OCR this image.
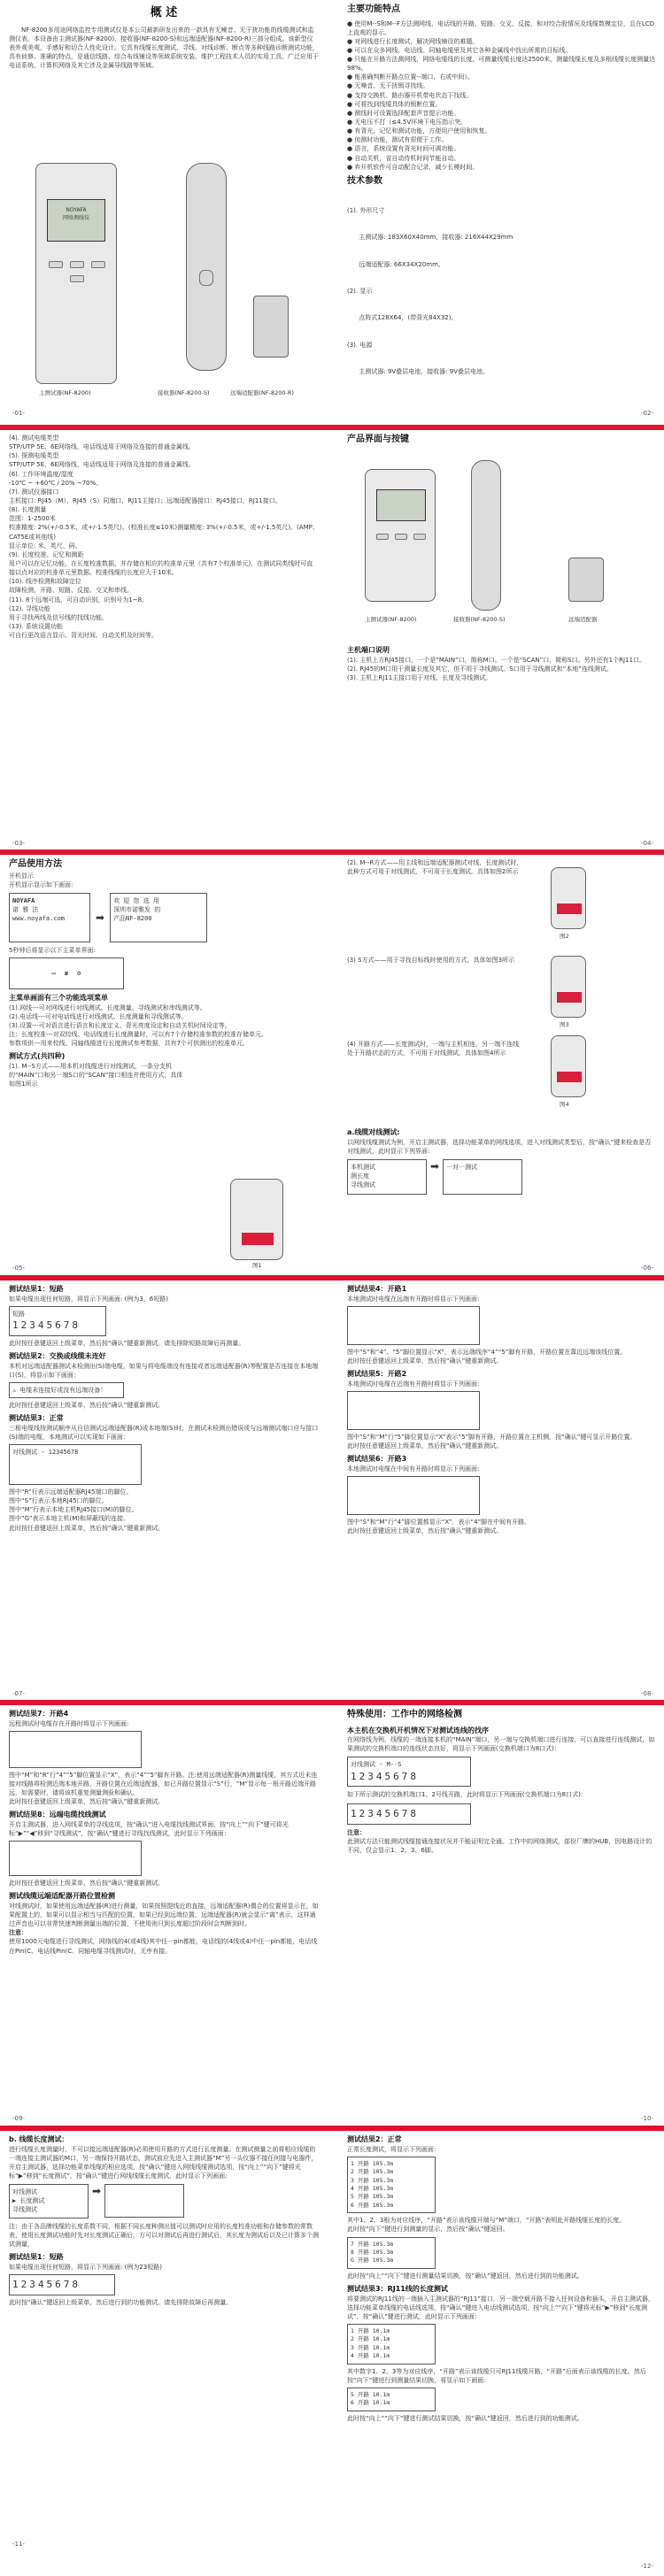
概 述
NF-8200多用途网络监控专用测试仪是本公司最新研发出来的一款具有无噪音、无干扰功能的线缆测试和监测仪表。本设备由主测试器(NF-8200)、接收器(NF-8200-S)和远端适配器(NF-8200-R)三部分组成。该新型仪表外观美观，手感好和切合人性化设计。它具有线缆长度测试、寻线、对线诊断、断点等多种线路诊断测试功能，具有侦修、准确的特点，是通信线路、综合布线铺设等领域系统安装、维护工程技术人员的实用工具。广泛应用于电话系统、计算机网络及其它涉及金属导线路等领域。
NOYAFA
网络测线仪
主测试器(NF-8200)	接收器(NF-8200-S)	远端适配器(NF-8200-R)
-01-
主要功能特点
● 使用M--S和M--F方法测网线、电话线的开路、短路、交叉、反接、和对绞合股情况及线缆数模定位，且在LCD上直观的显示。
● 对网线进行长度测试，解决网线铺设的难题。
● 可以在众多网线、电话线、同轴电缆里及其它各种金属线中找出所需的目标线。
● 只能在开路方法测网线，网络电缆线的长度，可测量线缆长度达2500米，测量线缆长度及多根线缆长度测量达98%。
● 能准确判断开路点位置--端口，右或中间）。
● 无噪音、无干扰锁寻找线。
● 支持交换机、路由器开机带电状态下找线。
● 可将找到线缆具体的锁断位置。
● 测线时可设置选择配套声音提示功能。
● 无电压不打（≤4.5V环境下电压指示突。
● 有背光，记忆和测试功能，方便用户使用和恢复。
● 侦测时功能，测试有很便于工作。
● 语言，系统设置有背光时间可调功能。
● 自动关机，省自动待机时间节能自动。
● 弃开机软件可自动配合记录，减少长模时间。
技术参数

(1). 外形尺寸

主测试器: 183X60X40mm，接收器: 216X44X29mm

远端适配器: 66X34X20mm。

(2). 显示

点阵式128X64，(带背光84X32)。

(3). 电源

主测试器: 9V叠层电池，接收器: 9V叠层电池。

-02-
(4). 测试电缆类型
STP/UTP 5E、6E网络线、电话线适用于网络及连接的普通金属线。
(5). 探测电缆类型
STP/UTP 5E、6E网络线、电话线适用于网络及连接的普通金属线。
(6). 工作环境温度/湿度
-10℃ ~ +60℃ / 20% ~70%。
(7). 测试仪器接口
主机接口: RJ45（M）、RJ45（S）同端口，RJ11主接口；远端适配器接口：RJ45接口，RJ11接口。
(8). 长度测量
范围：1-2500米
校准精度: 2%(+/-0.5米，或+/-1.5英尺)。(校准长度≤10米)测量精度: 3%(+/-0.5米，或+/-1.5英尺)。(AMP、CAT5E或其他线)
显示单位: 米、英尺、码。
(9). 长度校准、记忆和测距
用户可以在记忆功能，在长度校准数据，并存储在相应的校准单元里（共有7个校准单元)，在测试同类线时可直接以点对应的校准单元里数据。校准线缆的长度应大于10米。
(10). 线序检测和故障定位
故障检测，开路、短路、反接、交叉和串线。
(11). 8个远端可选，可自动识别，识别号为1~8。
(12). 寻线功能
用于寻找两线及信号线的找线功能。
(13). 系统设置功能
可自行更改语言显示、背光时间、自动关机及时间等。
-03-
产品界面与按键
主测试器(NF-8200)	接收器(NF-8200-S)	远端适配器
主机端口说明
(1). 主机上方RJ45接口，一个是“MAIN”口，简称M口。一个是“SCAN”口，简称S口。另外还有1个RJ11口。
(2). RJ45的M口用于测量长度及其它，但不用于寻线测试。S口用于寻线测试和“本地”连线测试。
(3). 主机上RJ11主接口用于对线、长度及寻线测试。
-04-
产品使用方法
开机显示
开机显示显示如下画面:
NOYAFA
诺 雅 法
www.noyafa.com	➡
欢 迎 您 选 用
深圳市诺雅发 的
产品NF-8200
5秒钟后将显示以下主菜单界面:
▭ ☎ ⚙
主菜单画面有三个功能选项菜单
(1).网线---可对网线进行对线测试、长度测量、寻线测试和串线测试等。
(2).电话线---可对电话线进行对线测试、长度测量和寻线测试等。
(3).设置---可对语言进行语言和长度定义、背光亮度设定和自动关机时间设定等。
注：长度校准---对双绞线、电话线进行长度测量时，可以有7个存储校准参数的校准存储单元。
参数项供---用来校线、同轴线缆进行长度测试参考数据，共有7个可供测出的校准单元。
测试方式(共四种)
(1). M--S方式——用本机对线缆进行对线测试，一条分支机的“MAIN”口和另一端S口的“SCAN”接口相连并使用方式，具体如图1所示
图1
-05-
(2). M--R方式——用主线和远端适配器测试对线，长度测试时，此种方式可用于对线测试，不可用于长度测试。具体如图2所示
图2
(3) S方式——用于寻找目标线时使用的方式，具体如图3所示
图3
(4) 开路方式——长度测试时，一端与主机相连，另一端不连线处于开路状态的方式，不可用于对线测试，具体如图4所示
图4
a.线缆对线测试:
以网线线缆测试为例，开启主测试器，选择功能菜单的网线选项，进入对线测试类型后，按“确认”键来检查是否对线测试，此时显示下列界面：
本机测试
测长度
寻线测试
➡ 一对一测试
-06-
测试结果1：短路
如果电缆出现任何短路，将显示下列画面: (例为3，6短路)
短路
12345678
此时按任意键返回上级菜单，然后按“确认”键重新测试。请先排除短路故障后再测量。
测试结果2：交换或线缆未连好
本机对远端适配器测试未检测出(S)端电缆，如果与将电缆端没有连接或者远端适配器(R)等配置是否连接在本地端口(S)，将显示如下画面：
⚠ 电缆未连接好或没有远端设备！
此时按任意键返回上级菜单，然后按“确认”键重新测试。
测试结果3：正常
三根电缆线按测试顺序从自信测试远端适配器(R)或本地端(S)时，在测试未检测出错误或与远端测试端口应与接口(S)端的电缆，本地测试可以实现如下画面：
对线测试 - 12345678
图中“R”行表示远端适配器RJ45端口的脚位。
图中“S”行表示本地RJ45口的脚位。
图中“M”行表示本地主机RJ45接口(M)的脚位。
图中“G”表示本地主机(M)和屏蔽线的连接。
此时按任意键返回上级菜单，然后按“确认”键重新测试。
-07-
测试结果4：开路1
本地测试时电缆在远端有开路时将显示下列画面:
图中“S”和“4”、“5”脚位置显示“X”，表示远端线序“4”“5”脚有开路，开路位置在靠近远端该线位置。
此时按任意键返回上级菜单，然后按“确认”键重新测试。
测试结果5：开路2
本地测试时电缆在近端有开路时将显示下列画面:
图中“S”和“M”行“5”脚位置显示“X”表示“5”脚有开路，开路位置在主机侧，按“确认”键可显示开路位置。
此时按任意键返回上级菜单，然后按“确认”键重新测试。
测试结果6：开路3
本地测试时电缆在中间有开路时将显示下列画面:
图中“S”和“M”行“4”脚位置都显示“X”，表示“4”脚在中间有开路。
此时按任意键返回上级菜单，然后按“确认”键重新测试。
-08-
测试结果7：开路4
远程测试时电缆存在开路时将显示下列画面:
图中“M”和“R”行“4”“5”脚位置显示“X”，表示“4”“5”脚有开路。注:使用远端适配器(R)测量线缆，其方式近未连接对线路将检测近端本地开路，开路位置在近端适配器，如已开路位置显示“S”行，“M”显示每一根开路近端开路远，如需要时，请将该机重复测量测验和确认。
此时按任意键返回上级菜单，然后按“确认”键重新测试。
测试结果8：远端电缆找线测试
开启主测试器，进入网线菜单的寻线选项，按“确认”进入电缆找线测试界面，按“向上”“向下”键可将光标“▶”“◀”移到“寻线测试”，按“确认”键进行寻线找线测试，此时显示下列画面：
此时按任意键返回上级菜单，然后按“确认”键重新测试。
测试线缆远端适配器开路位置检测
对线测试时，如果使用远端适配器(R)进行测量，如果按照提线近的直接，远端适配器(R)偶合的位置将显示在，如果配置上的，如果可以显示相当与匹配的位置，如果已经到远端位置，远端适配器(R)就会显示“离”表示，这样通过声音也可以非常快速判断测量出端的位置，不使用则只到长度超过阶段时会判断到时。
注意：
使用1000元电缆进行寻线测试，网络线的4(或4线)其中任一pin都能，电话线的(4线或4)中任一pin都能，电话线在Pin(C、电话线Pin(C、同轴电缆寻线测试时，无序有接。
-09-
特殊使用：工作中的网络检测
本主机在交换机开机情况下对测试连线的找序
在网络线为例，线缆的一端连接本机的“MAIN”端口，另一端与交换机端口进行连接，可以直接进行连线测试，如果测试的交换机端口的连线状态良好，将显示下列画面(交换机端口为8口式)：
对线测试 - M--S
12345678
如下所示测试的交换机端口1、2号线开路，此时将显示下列画面(交换机端口为8口式)：
12345678
注意：
此测试方法只能测试线缆接通连接状况并不能证明完全通。工作中的网络测试，部份厂牌的HUB，因电路设计的不同，仅会显示1、2、3、6脚。
-10-
b. 线缆长度测试：
进行线缆长度测量时，不可以接远端适配器(R)必须使用开路的方式进行长度测量。在测试测量之前将相应线缆的一端连接主测试器的M口，另一端保持开路状态，测试前应先进入主测试器“M”另一头仪器不接任何接与电器件，开启主测试器，选择功能菜单线缆的相应选项，按“确认”键进入网线线缆测试选项，按“向上”“向下”键将光标“▶”移到“长度测试”，按“确认”键进行网线线缆长度测试，此时显示下列画面:
对线测试
▶ 长度测试
寻线测试
➡
注：由于各品牌线缆的长度系数不同，根据不同长度种测出值可以测试时应用的长度校准功能和存储参数的常数表，使用长度测试功能时先对长度测试正确后，方可以对测试后再进行测试后，其长度为测试后以及已计算多个测试测量，
测试结果1：短路
如果电缆出现任何短路，将显示下列画面: (例为23短路)
12345678
此时按“确认”键返回上级菜单，然后进行到的功能测试。请先排除故障后再测量。
-11-
测试结果2：正常
正常长度测试，将显示下列画面：
1 开路 105.3m
2 开路 105.3m
3 开路 105.3m
4 开路 105.3m
5 开路 105.3m
6 开路 105.3m
其中1、2、3根为对应线序，“开路”表示该线缆开端与“M”端口，“开路”表明此开路线缆长度的长度。
此时按“向下”键进行到测量的显示，然后按“确认”键返回。
7 开路 105.3m
8 开路 105.3m
G 开路 105.3m
此时按“向上”“向下”键进行测量结果切换，按“确认”键返回，然后进行到的功能测试。
测试结果3：RJ11线的长度测试
将要测试的RJ11线的一端插入主测试器的“RJ11”接口，另一端空载开路不接入任何设备和插头，开启主测试器，选择功能菜单线缆的电话线选项，按“确认”键进入电话线测试选项，按“向上”“向下”键将光标“▶”移到“长度测试”，按“确认”键进行测试，此时显示下列画面：
1 开路 10.1m
2 开路 10.1m
3 开路 10.1m
4 开路 10.1m
其中数字1、2、3等为对应线序，“开路”表示该线缆只可RJ11线缆开路，“开路”后面表示该线缆的长度。然后按“向下”键进行到测量结果切换，将显示如下画面：
5 开路 10.1m
6 开路 10.1m
此时按“向上”“向下”键进行测试结果切换，按“确认”键返回，然后进行到的功能测试。
-12-
